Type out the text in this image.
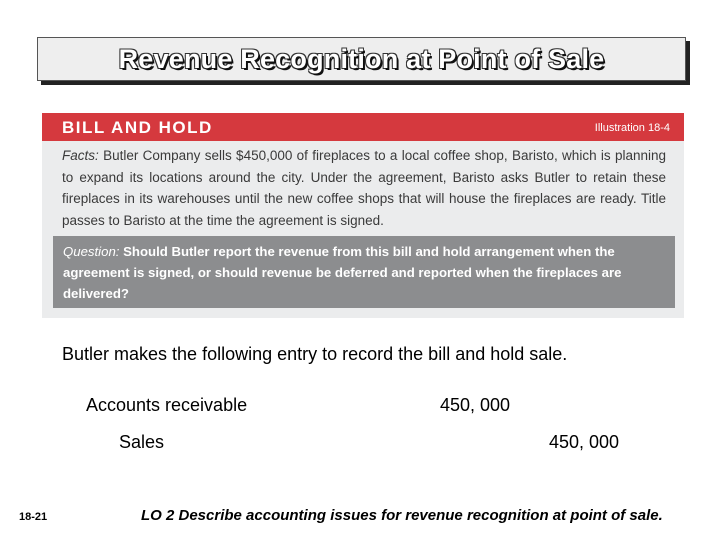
Revenue Recognition at Point of Sale
BILL AND HOLD	Illustration 18-4
Facts: Butler Company sells $450,000 of fireplaces to a local coffee shop, Baristo, which is planning to expand its locations around the city. Under the agreement, Baristo asks Butler to retain these fireplaces in its warehouses until the new coffee shops that will house the fireplaces are ready. Title passes to Baristo at the time the agreement is signed.
Question: Should Butler report the revenue from this bill and hold arrangement when the agreement is signed, or should revenue be deferred and reported when the fireplaces are delivered?
Butler makes the following entry to record the bill and hold sale.
Accounts receivable	450, 000
Sales	450, 000
18-21	LO 2 Describe accounting issues for revenue recognition at point of sale.
